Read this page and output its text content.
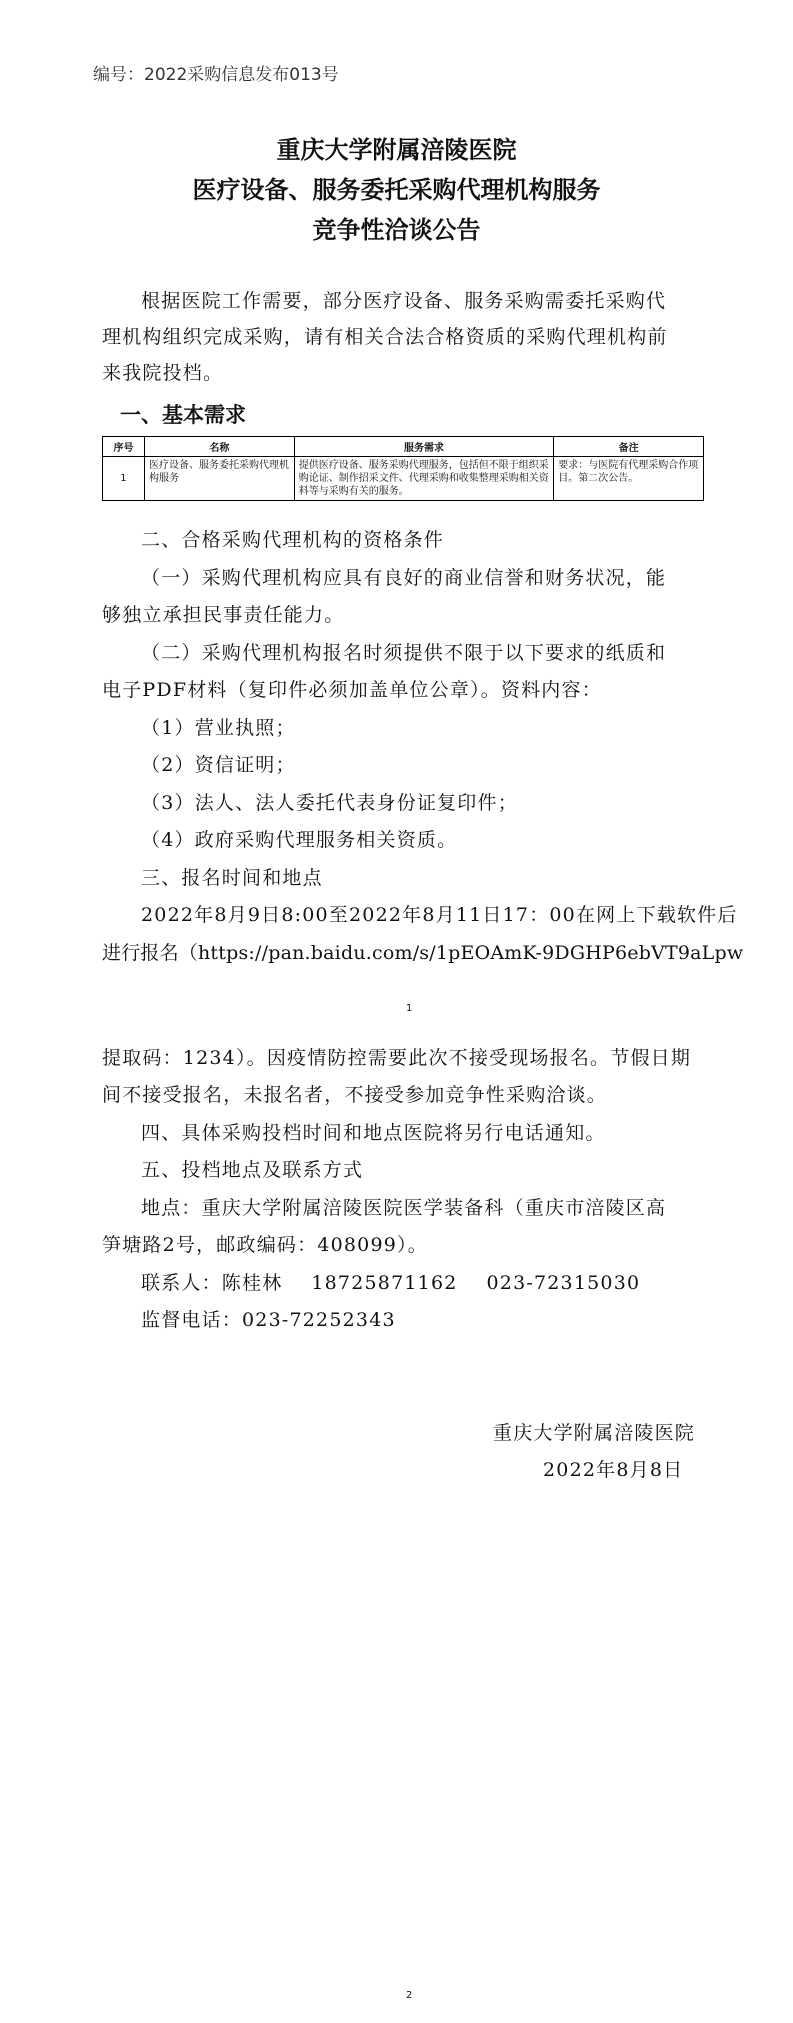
编号：2022采购信息发布013号
重庆大学附属涪陵医院
医疗设备、服务委托采购代理机构服务
竞争性洽谈公告
根据医院工作需要，部分医疗设备、服务采购需委托采购代
理机构组织完成采购，请有相关合法合格资质的采购代理机构前
来我院投档。
一、基本需求
序号	名称	服务需求	备注
1	医疗设备、服务委托采购代理机构服务	提供医疗设备、服务采购代理服务，包括但不限于组织采购论证、制作招采文件、代理采购和收集整理采购相关资料等与采购有关的服务。	要求：与医院有代理采购合作项目。第二次公告。
二、合格采购代理机构的资格条件
（一）采购代理机构应具有良好的商业信誉和财务状况，能
够独立承担民事责任能力。
（二）采购代理机构报名时须提供不限于以下要求的纸质和
电子PDF材料（复印件必须加盖单位公章）。资料内容：
（1）营业执照；
（2）资信证明；
（3）法人、法人委托代表身份证复印件；
（4）政府采购代理服务相关资质。
三、报名时间和地点
2022年8月9日8:00至2022年8月11日17：00在网上下载软件后
进行报名（https://pan.baidu.com/s/1pEOAmK-9DGHP6ebVT9aLpw
1
提取码：1234）。因疫情防控需要此次不接受现场报名。节假日期
间不接受报名，未报名者，不接受参加竞争性采购洽谈。
四、具体采购投档时间和地点医院将另行电话通知。
五、投档地点及联系方式
地点：重庆大学附属涪陵医院医学装备科（重庆市涪陵区高
笋塘路2号，邮政编码：408099）。
联系人：陈桂林    18725871162    023-72315030
监督电话：023-72252343
重庆大学附属涪陵医院
2022年8月8日
2
